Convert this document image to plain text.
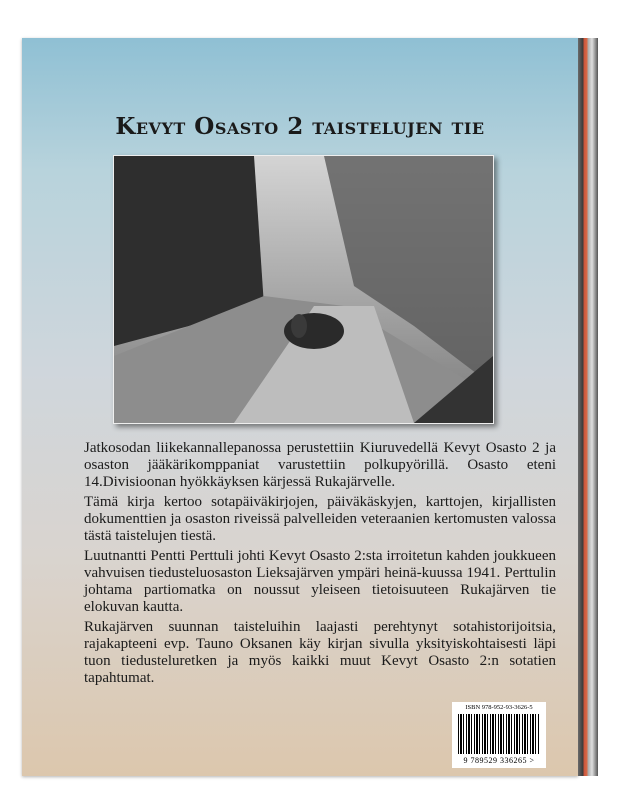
Kevyt Osasto 2 taistelujen tie

Jatkosodan liikekannallepanossa perustettiin Kiuruvedellä Kevyt Osasto 2 ja osaston jääkärikomppaniat varustettiin polkupyörillä. Osasto eteni 14.Divisioonan hyökkäyksen kärjessä Rukajärvelle.

Tämä kirja kertoo sotapäiväkirjojen, päiväkäskyjen, karttojen, kirjallisten dokumenttien ja osaston riveissä palvelleiden veteraanien kertomusten valossa tästä taistelujen tiestä.

Luutnantti Pentti Perttuli johti Kevyt Osasto 2:sta irroitetun kahden joukkueen vahvuisen tiedusteluosaston Lieksajärven ympäri heinä-kuussa 1941. Perttulin johtama partiomatka on noussut yleiseen tietoisuuteen Rukajärven tie elokuvan kautta.

Rukajärven suunnan taisteluihin laajasti perehtynyt sotahistorijoitsia, rajakapteeni evp. Tauno Oksanen käy kirjan sivulla yksityiskohtaisesti läpi tuon tiedusteluretken ja myös kaikki muut Kevyt Osasto 2:n sotatien tapahtumat.

ISBN 978-952-93-3626-5
9 789529 336265 >
